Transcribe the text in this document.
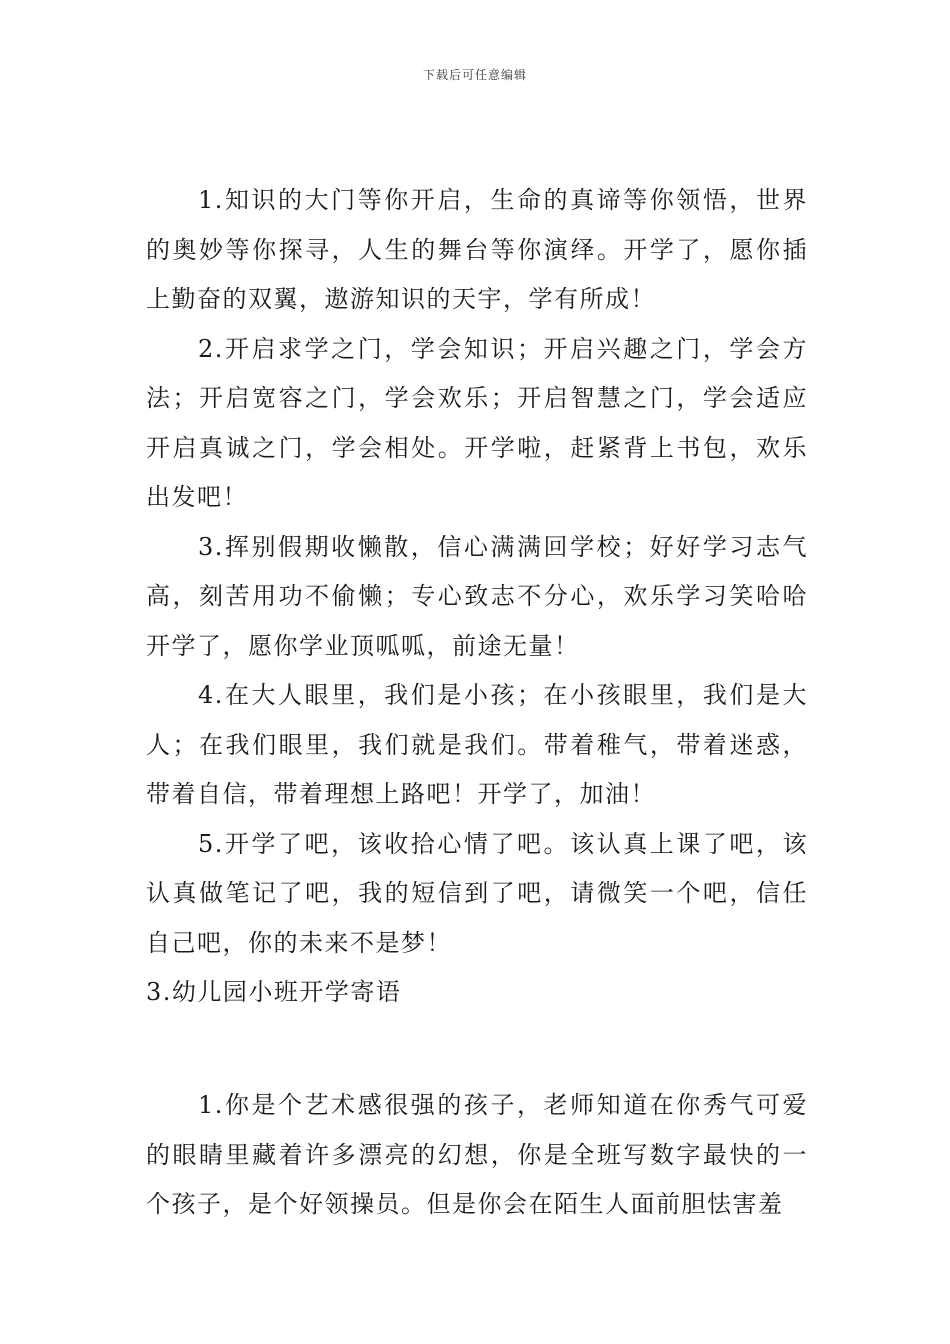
下载后可任意编辑

1.知识的大门等你开启，生命的真谛等你领悟，世界的奥妙等你探寻，人生的舞台等你演绎。开学了，愿你插上勤奋的双翼，遨游知识的天宇，学有所成！

2.开启求学之门，学会知识；开启兴趣之门，学会方法；开启宽容之门，学会欢乐；开启智慧之门，学会适应开启真诚之门，学会相处。开学啦，赶紧背上书包，欢乐出发吧！

3.挥别假期收懒散，信心满满回学校；好好学习志气高，刻苦用功不偷懒；专心致志不分心，欢乐学习笑哈哈开学了，愿你学业顶呱呱，前途无量！

4.在大人眼里，我们是小孩；在小孩眼里，我们是大人；在我们眼里，我们就是我们。带着稚气，带着迷惑，带着自信，带着理想上路吧！开学了，加油！

5.开学了吧，该收拾心情了吧。该认真上课了吧，该认真做笔记了吧，我的短信到了吧，请微笑一个吧，信任自己吧，你的未来不是梦！

3.幼儿园小班开学寄语

1.你是个艺术感很强的孩子，老师知道在你秀气可爱的眼睛里藏着许多漂亮的幻想，你是全班写数字最快的一个孩子，是个好领操员。但是你会在陌生人面前胆怯害羞
